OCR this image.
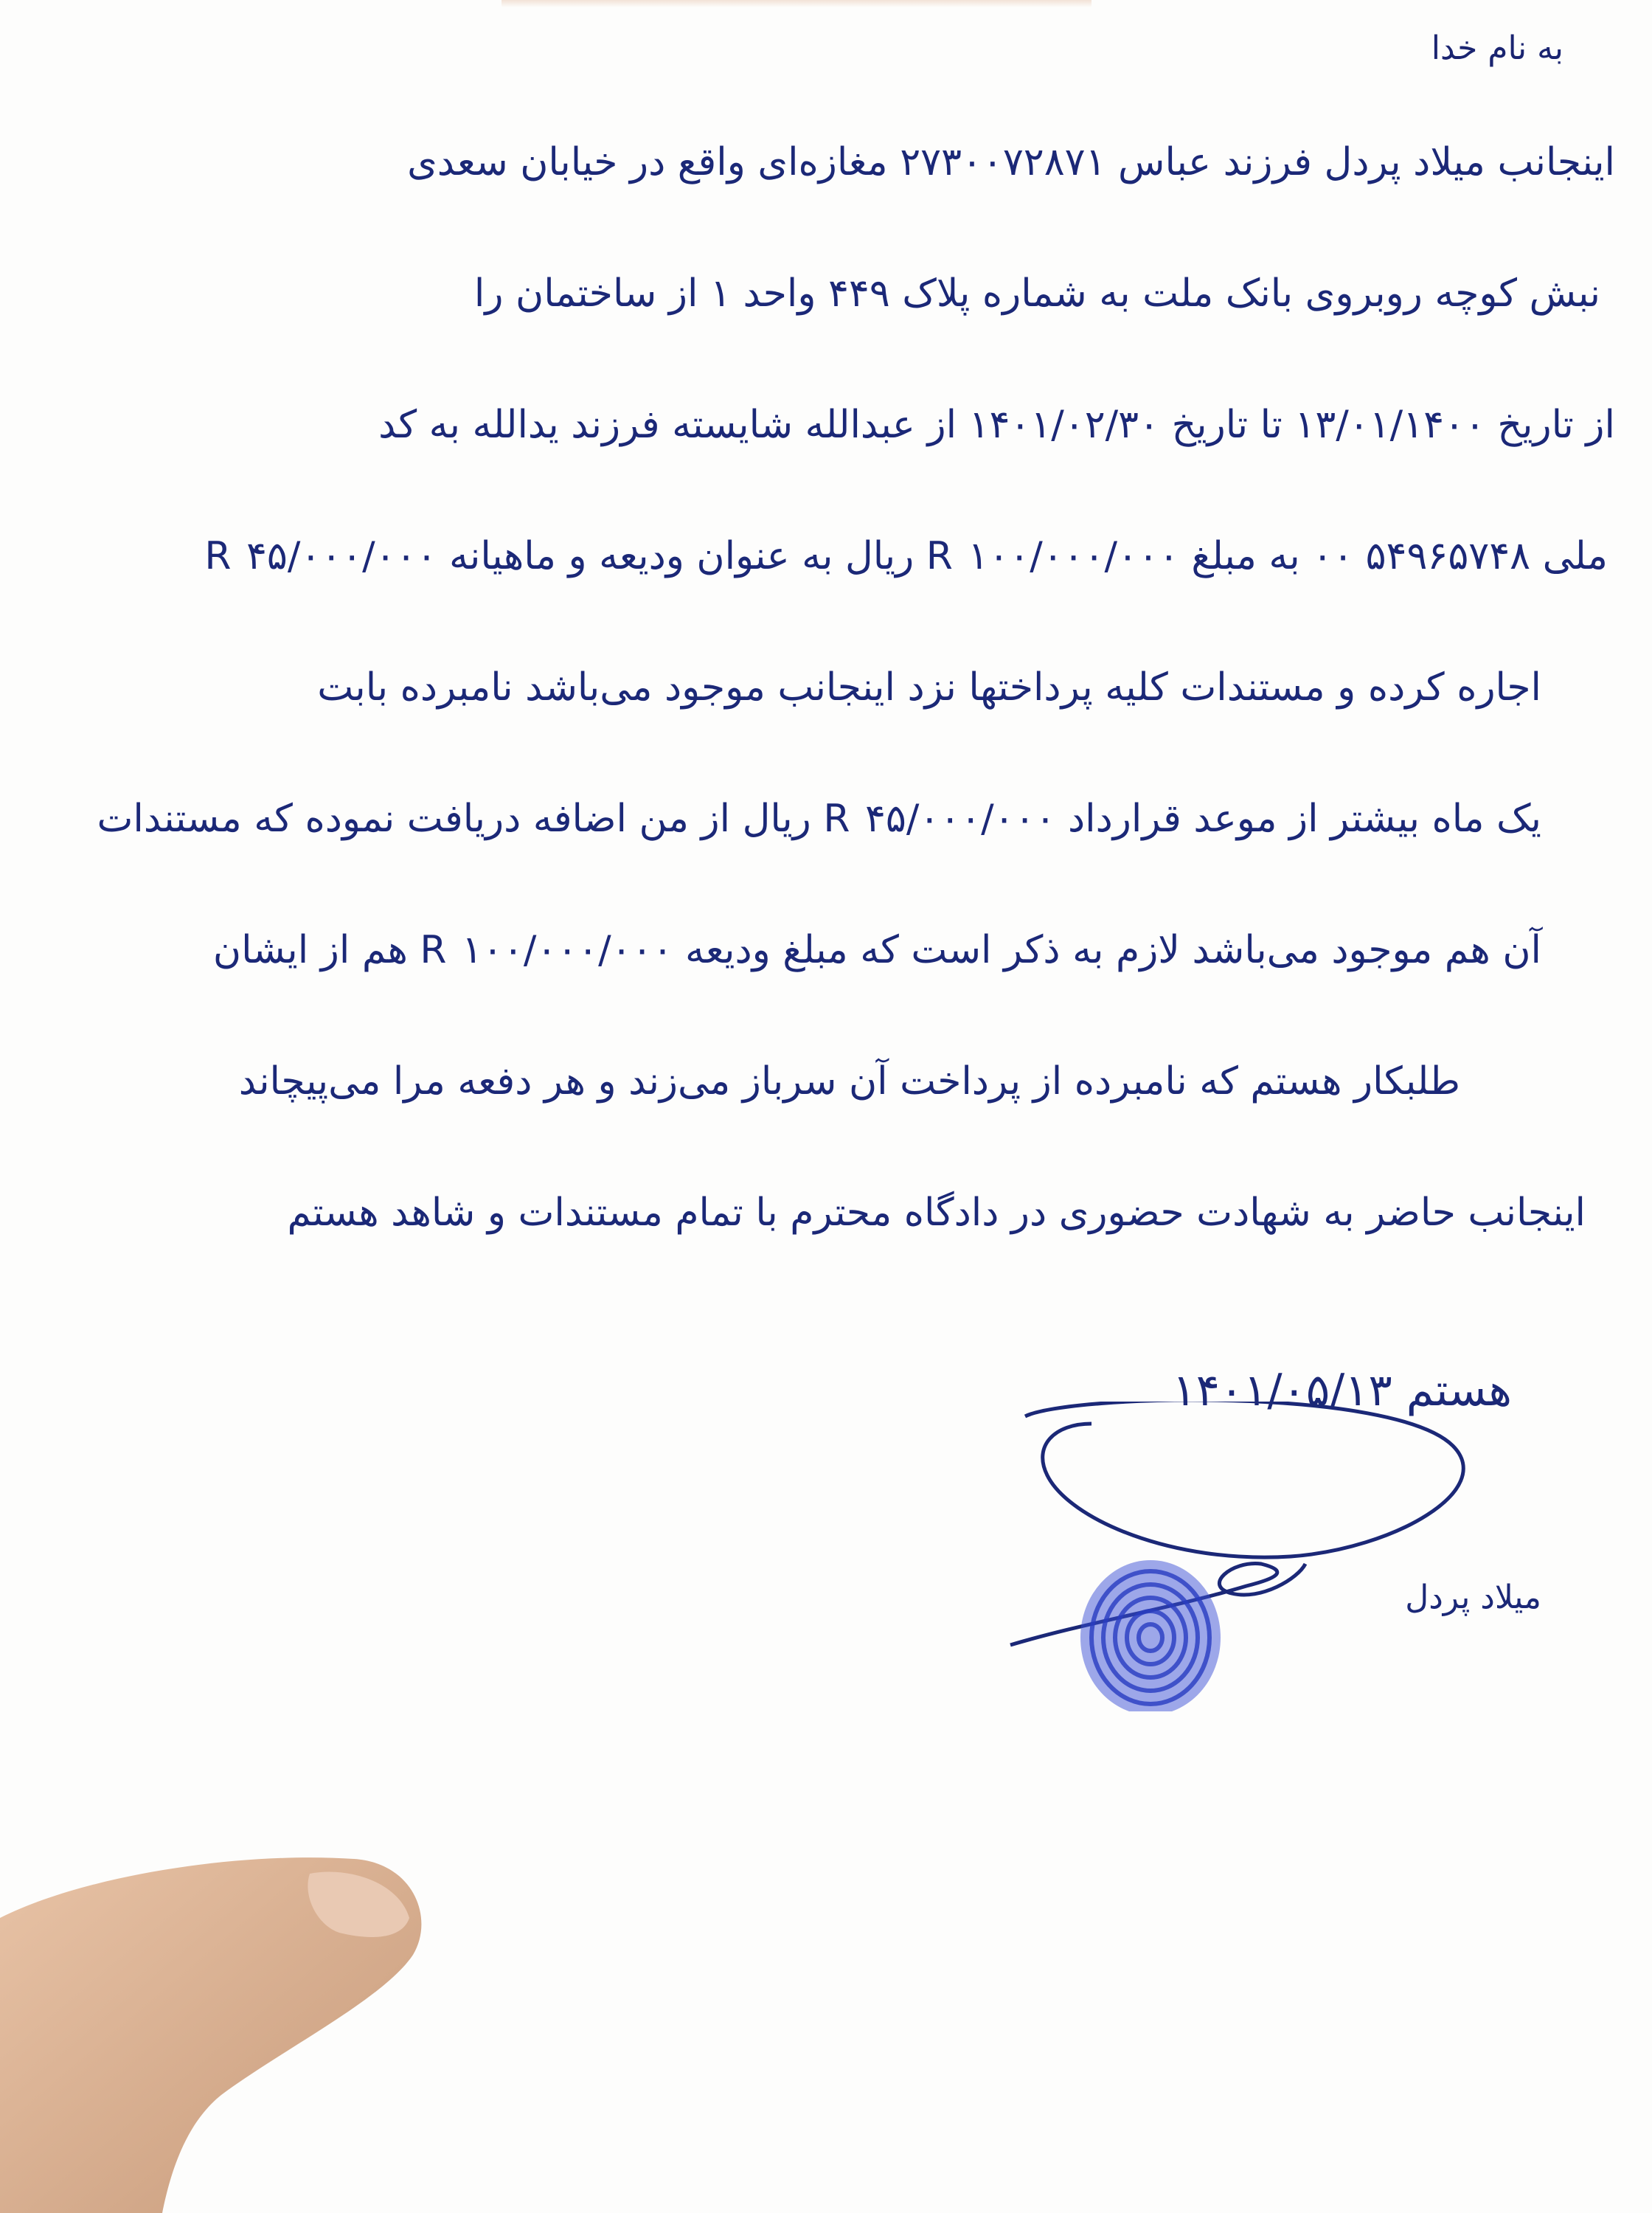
به نام خدا
اینجانب میلاد پردل فرزند عباس ۲۷۳۰۰۷۲۸۷۱ مغازه‌ای واقع در خیابان سعدی
نبش کوچه روبروی بانک ملت به شماره پلاک ۴۴۹ واحد ۱ از ساختمان را
از تاریخ ۱۳/۰۱/۱۴۰۰ تا تاریخ ۱۴۰۱/۰۲/۳۰ از عبدالله شایسته فرزند یدالله به کد
ملی ۵۴۹۶۵۷۴۸ ۰۰ به مبلغ R ۱۰۰/۰۰۰/۰۰۰ ریال به عنوان ودیعه و ماهیانه R ۴۵/۰۰۰/۰۰۰
اجاره کرده و مستندات کلیه پرداختها نزد اینجانب موجود می‌باشد نامبرده بابت
یک ماه بیشتر از موعد قرارداد R ۴۵/۰۰۰/۰۰۰ ریال از من اضافه دریافت نموده که مستندات
آن هم موجود می‌باشد لازم به ذکر است که مبلغ ودیعه R ۱۰۰/۰۰۰/۰۰۰ هم از ایشان
طلبکار هستم که نامبرده از پرداخت آن سرباز می‌زند و هر دفعه مرا می‌پیچاند
اینجانب حاضر به شهادت حضوری در دادگاه محترم با تمام مستندات و شاهد هستم
هستم ۱۴۰۱/۰۵/۱۳
میلاد پردل
